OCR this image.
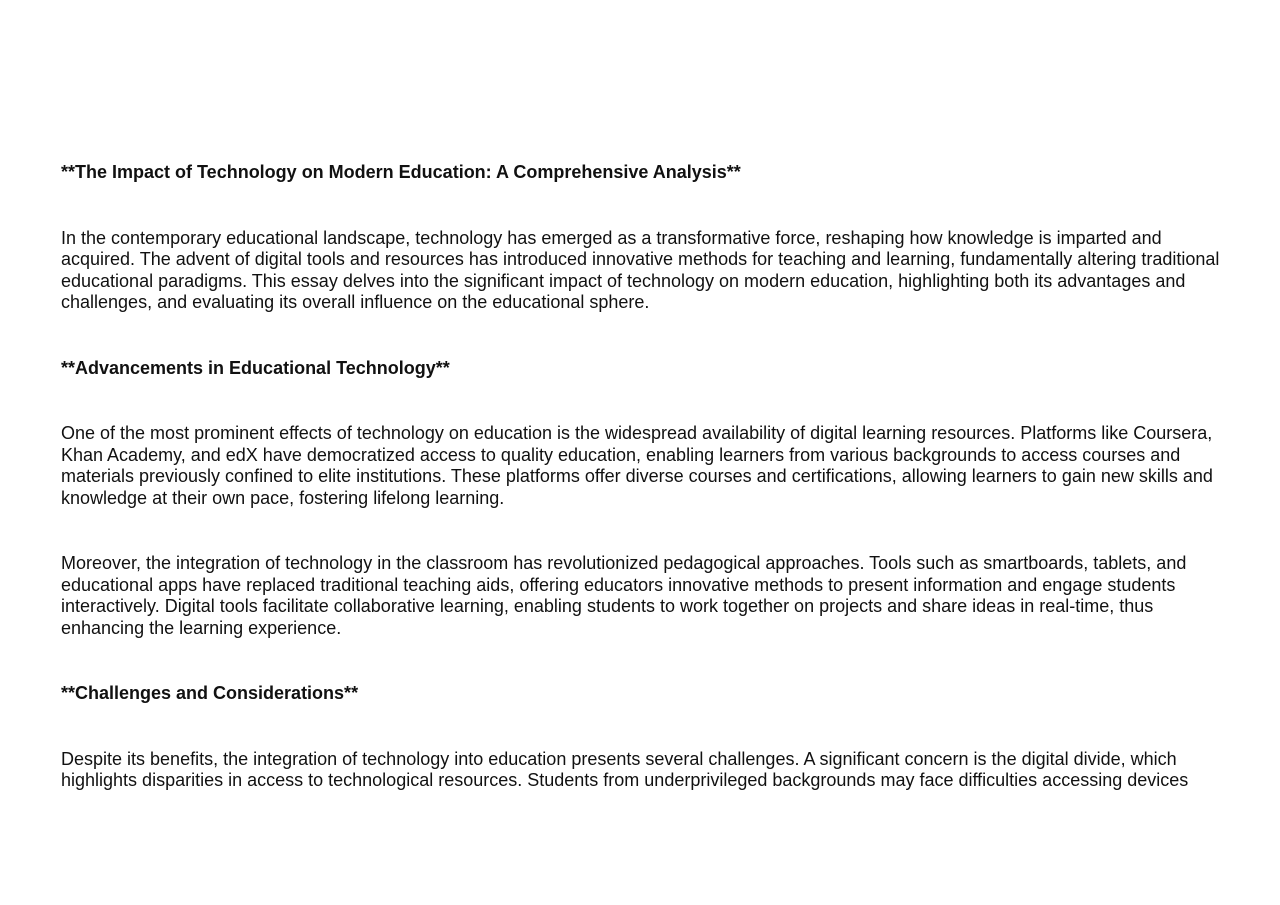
**The Impact of Technology on Modern Education: A Comprehensive Analysis**

In the contemporary educational landscape, technology has emerged as a transformative force, reshaping how knowledge is imparted and acquired. The advent of digital tools and resources has introduced innovative methods for teaching and learning, fundamentally altering traditional educational paradigms. This essay delves into the significant impact of technology on modern education, highlighting both its advantages and challenges, and evaluating its overall influence on the educational sphere.

**Advancements in Educational Technology**

One of the most prominent effects of technology on education is the widespread availability of digital learning resources. Platforms like Coursera, Khan Academy, and edX have democratized access to quality education, enabling learners from various backgrounds to access courses and materials previously confined to elite institutions. These platforms offer diverse courses and certifications, allowing learners to gain new skills and knowledge at their own pace, fostering lifelong learning.

Moreover, the integration of technology in the classroom has revolutionized pedagogical approaches. Tools such as smartboards, tablets, and educational apps have replaced traditional teaching aids, offering educators innovative methods to present information and engage students interactively. Digital tools facilitate collaborative learning, enabling students to work together on projects and share ideas in real-time, thus enhancing the learning experience.

**Challenges and Considerations**

Despite its benefits, the integration of technology into education presents several challenges. A significant concern is the digital divide, which highlights disparities in access to technological resources. Students from underprivileged backgrounds may face difficulties accessing devices
